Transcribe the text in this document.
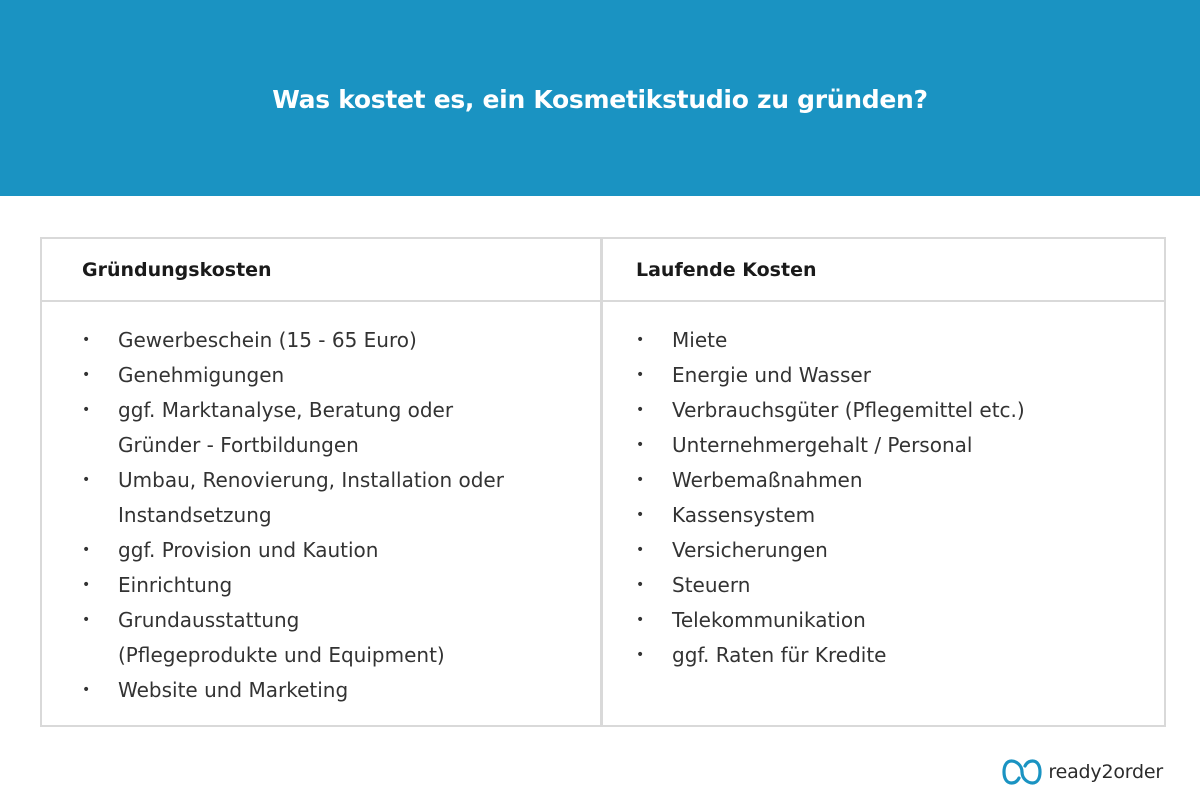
Was kostet es, ein Kosmetikstudio zu gründen?
Gründungskosten
•	Gewerbeschein (15 - 65 Euro)
•	Genehmigungen
•	ggf. Marktanalyse, Beratung oder
Gründer - Fortbildungen
•	Umbau, Renovierung, Installation oder
Instandsetzung
•	ggf. Provision und Kaution
•	Einrichtung
•	Grundausstattung
(Pflegeprodukte und Equipment)
•	Website und Marketing
Laufende Kosten
•	Miete
•	Energie und Wasser
•	Verbrauchsgüter (Pflegemittel etc.)
•	Unternehmergehalt / Personal
•	Werbemaßnahmen
•	Kassensystem
•	Versicherungen
•	Steuern
•	Telekommunikation
•	ggf. Raten für Kredite
ready2order
